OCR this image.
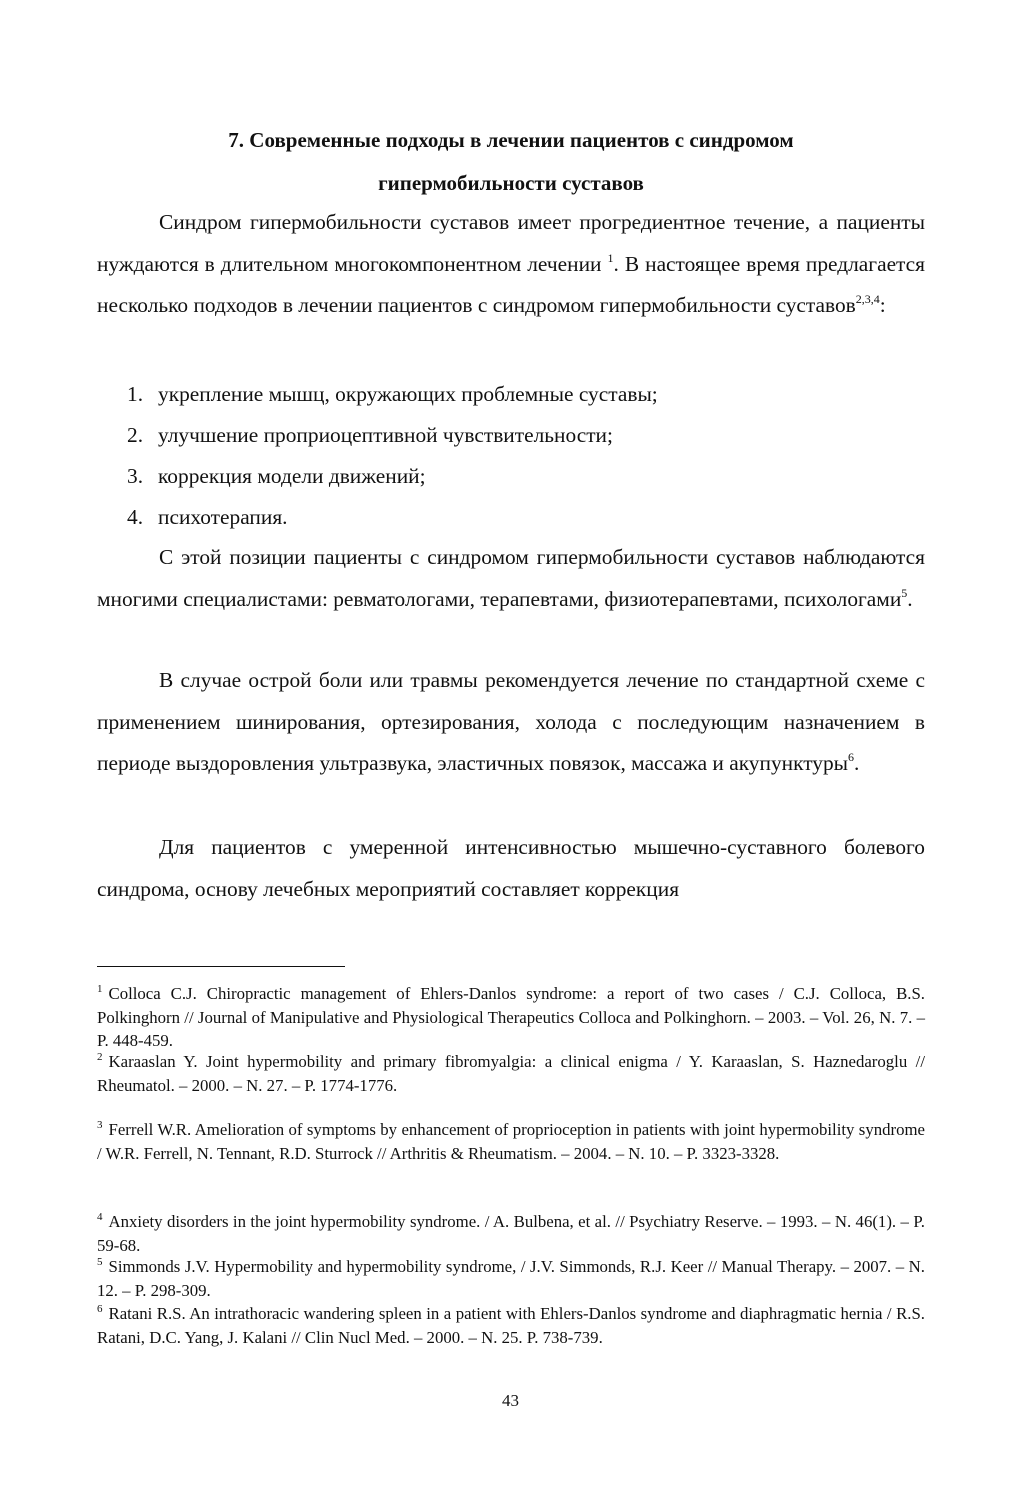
7. Современные подходы в лечении пациентов с синдромом
гипермобильности суставов

Синдром гипермобильности суставов имеет прогредиентное течение, а пациенты нуждаются в длительном многокомпонентном лечении $^1$. В настоящее время предлагается несколько подходов в лечении пациентов с синдромом гипермобильности суставов$^{2,3,4}$:

1. укрепление мышц, окружающих проблемные суставы;
2. улучшение проприоцептивной чувствительности;
3. коррекция модели движений;
4. психотерапия.

С этой позиции пациенты с синдромом гипермобильности суставов наблюдаются многими специалистами: ревматологами, терапевтами, физиотерапевтами, психологами$^5$.

В случае острой боли или травмы рекомендуется лечение по стандартной схеме с применением шинирования, ортезирования, холода с последующим назначением в периоде выздоровления ультразвука, эластичных повязок, массажа и акупунктуры$^6$.

Для пациентов с умеренной интенсивностью мышечно-суставного болевого синдрома, основу лечебных мероприятий составляет коррекция

$^1$ Colloca C.J. Chiropractic management of Ehlers-Danlos syndrome: a report of two cases / C.J. Colloca, B.S. Polkinghorn // Journal of Manipulative and Physiological Therapeutics Colloca and Polkinghorn. – 2003. – Vol. 26, N. 7. – P. 448-459.

$^2$ Karaaslan Y. Joint hypermobility and primary fibromyalgia: a clinical enigma / Y. Karaaslan, S. Haznedaroglu // Rheumatol. – 2000. – N. 27. – P. 1774-1776.

$^3$ Ferrell W.R. Amelioration of symptoms by enhancement of proprioception in patients with joint hypermobility syndrome / W.R. Ferrell, N. Tennant, R.D. Sturrock // Arthritis & Rheumatism. – 2004. – N. 10. – P. 3323-3328.

$^4$ Anxiety disorders in the joint hypermobility syndrome. / A. Bulbena, et al. // Psychiatry Reserve. – 1993. – N. 46(1). – P. 59-68.

$^5$ Simmonds J.V. Hypermobility and hypermobility syndrome, / J.V. Simmonds, R.J. Keer // Manual Therapy. – 2007. – N. 12. – P. 298-309.

$^6$ Ratani R.S. An intrathoracic wandering spleen in a patient with Ehlers-Danlos syndrome and diaphragmatic hernia / R.S. Ratani, D.C. Yang, J. Kalani // Clin Nucl Med. – 2000. – N. 25. P. 738-739.

43
